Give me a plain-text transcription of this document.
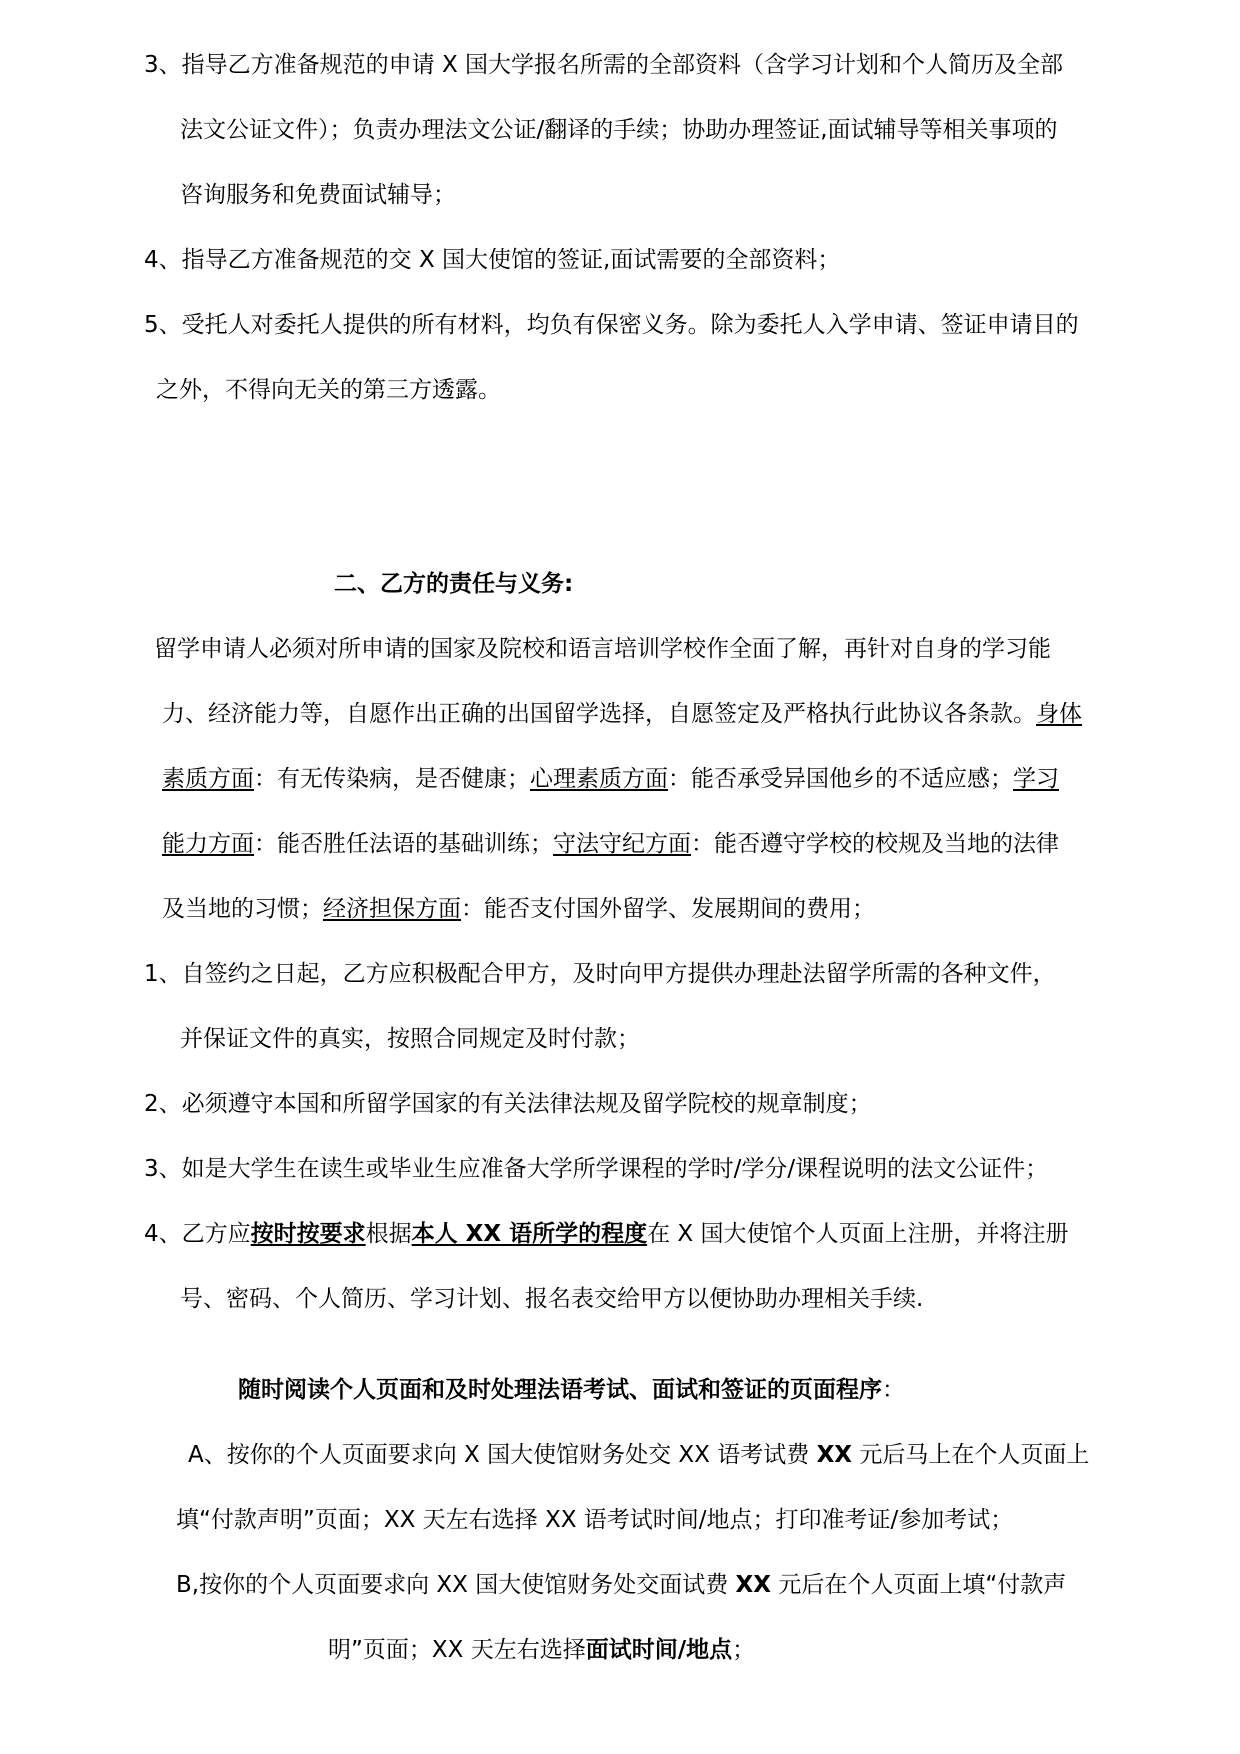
3、指导乙方准备规范的申请 X 国大学报名所需的全部资料（含学习计划和个人简历及全部
法文公证文件）；负责办理法文公证/翻译的手续；协助办理签证,面试辅导等相关事项的
咨询服务和免费面试辅导；
4、指导乙方准备规范的交 X 国大使馆的签证,面试需要的全部资料；
5、受托人对委托人提供的所有材料，均负有保密义务。除为委托人入学申请、签证申请目的
之外，不得向无关的第三方透露。
二、乙方的责任与义务:
留学申请人必须对所申请的国家及院校和语言培训学校作全面了解，再针对自身的学习能
力、经济能力等，自愿作出正确的出国留学选择，自愿签定及严格执行此协议各条款。身体
素质方面：有无传染病，是否健康；心理素质方面：能否承受异国他乡的不适应感；学习
能力方面：能否胜任法语的基础训练；守法守纪方面：能否遵守学校的校规及当地的法律
及当地的习惯；经济担保方面：能否支付国外留学、发展期间的费用；
1、自签约之日起，乙方应积极配合甲方，及时向甲方提供办理赴法留学所需的各种文件，
并保证文件的真实，按照合同规定及时付款；
2、必须遵守本国和所留学国家的有关法律法规及留学院校的规章制度；
3、如是大学生在读生或毕业生应准备大学所学课程的学时/学分/课程说明的法文公证件；
4、乙方应按时按要求根据本人 XX 语所学的程度在 X 国大使馆个人页面上注册，并将注册
号、密码、个人简历、学习计划、报名表交给甲方以便协助办理相关手续.
随时阅读个人页面和及时处理法语考试、面试和签证的页面程序：
A、按你的个人页面要求向 X 国大使馆财务处交 XX 语考试费 XX 元后马上在个人页面上
填“付款声明”页面；XX 天左右选择 XX 语考试时间/地点；打印准考证/参加考试；
B,按你的个人页面要求向 XX 国大使馆财务处交面试费 XX 元后在个人页面上填“付款声
明”页面；XX 天左右选择面试时间/地点；
